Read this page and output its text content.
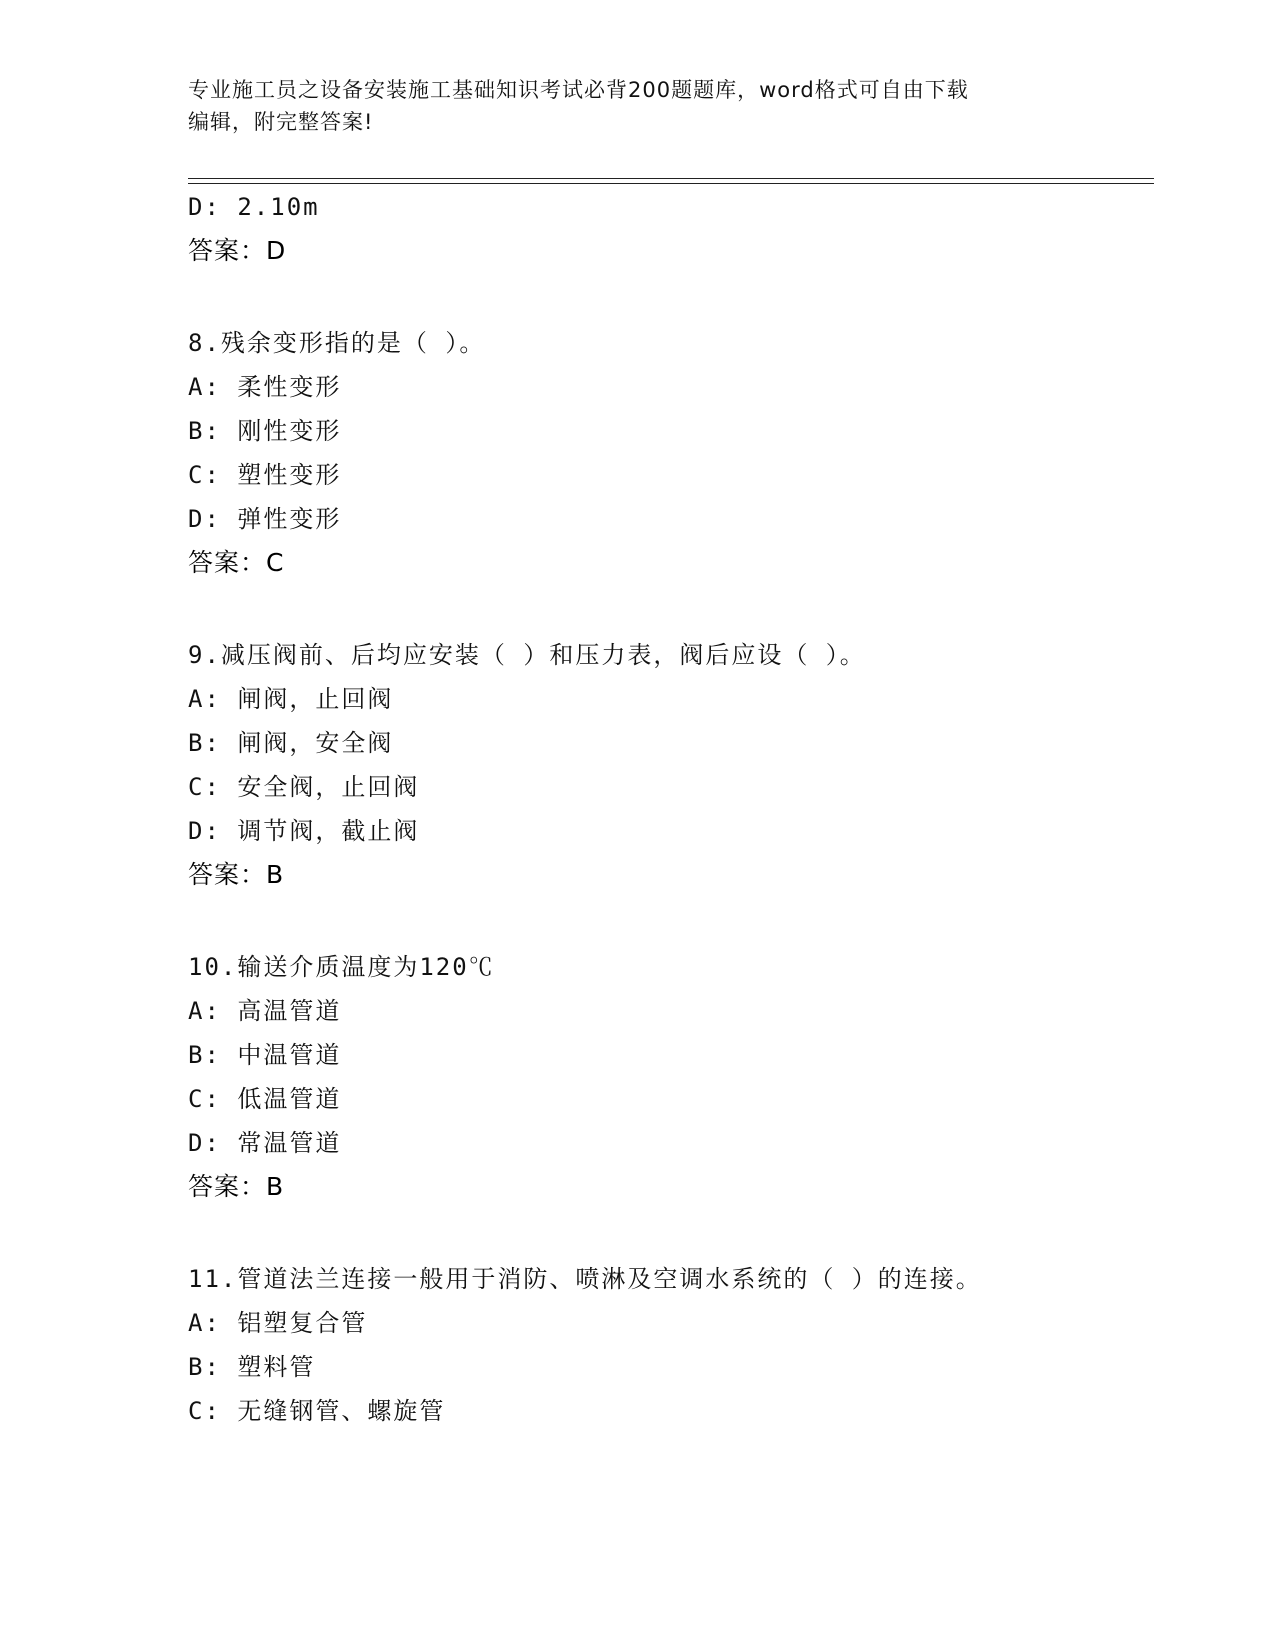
专业施工员之设备安装施工基础知识考试必背200题题库，word格式可自由下载
编辑，附完整答案!
D: 2.10m
答案：D
8.残余变形指的是（ ）。
A: 柔性变形
B: 刚性变形
C: 塑性变形
D: 弹性变形
答案：C
9.减压阀前、后均应安装（ ）和压力表，阀后应设（ ）。
A: 闸阀，止回阀
B: 闸阀，安全阀
C: 安全阀，止回阀
D: 调节阀，截止阀
答案：B
10.输送介质温度为120℃
A: 高温管道
B: 中温管道
C: 低温管道
D: 常温管道
答案：B
11.管道法兰连接一般用于消防、喷淋及空调水系统的（ ）的连接。
A: 铝塑复合管
B: 塑料管
C: 无缝钢管、螺旋管
